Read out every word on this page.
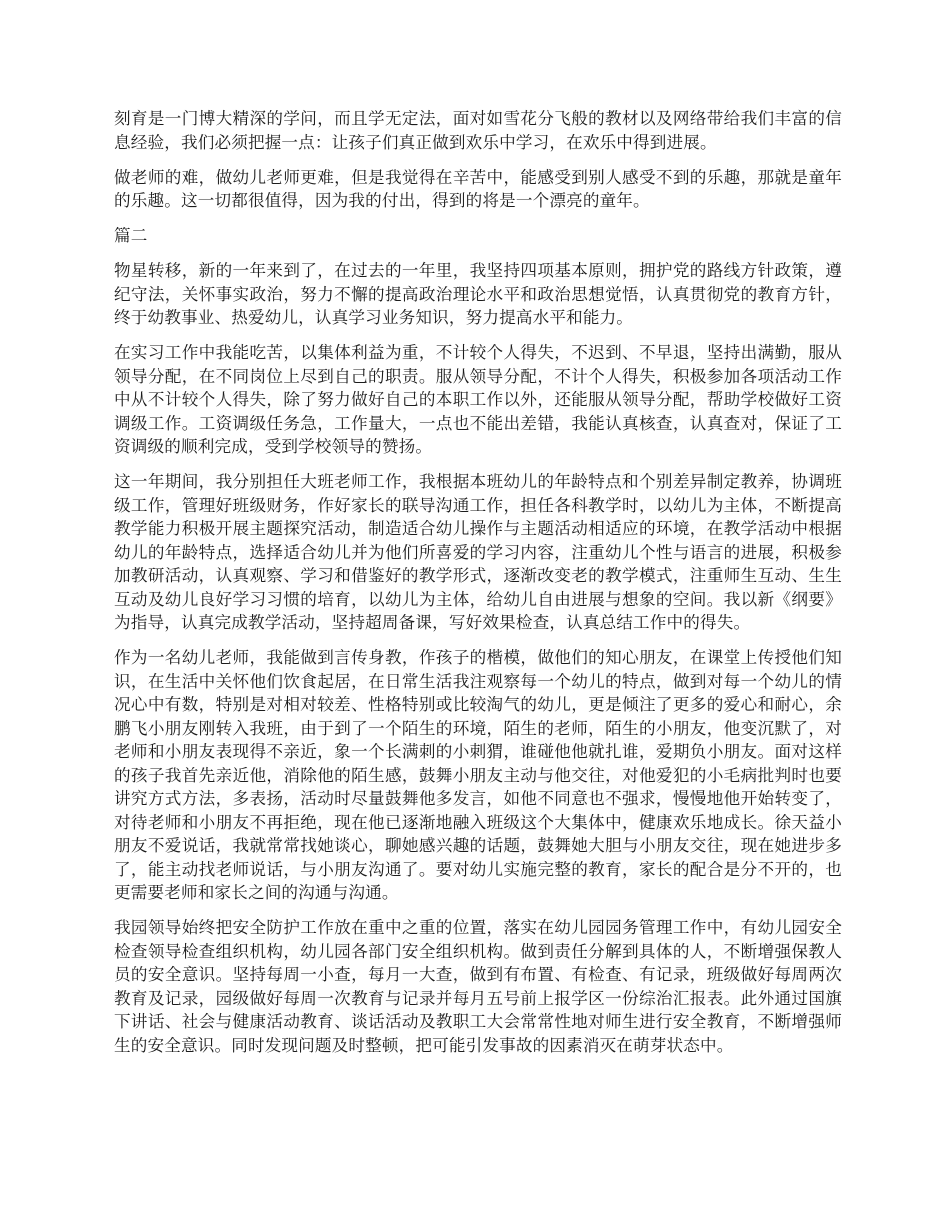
刻育是一门博大精深的学问，而且学无定法，面对如雪花分飞般的教材以及网络带给我们丰富的信息经验，我们必须把握一点：让孩子们真正做到欢乐中学习，在欢乐中得到进展。

做老师的难，做幼儿老师更难，但是我觉得在辛苦中，能感受到别人感受不到的乐趣，那就是童年的乐趣。这一切都很值得，因为我的付出，得到的将是一个漂亮的童年。

篇二

物星转移，新的一年来到了，在过去的一年里，我坚持四项基本原则，拥护党的路线方针政策，遵纪守法，关怀事实政治，努力不懈的提高政治理论水平和政治思想觉悟，认真贯彻党的教育方针，终于幼教事业、热爱幼儿，认真学习业务知识，努力提高水平和能力。

在实习工作中我能吃苦，以集体利益为重，不计较个人得失，不迟到、不早退，坚持出满勤，服从领导分配，在不同岗位上尽到自己的职责。服从领导分配，不计个人得失，积极参加各项活动工作中从不计较个人得失，除了努力做好自己的本职工作以外，还能服从领导分配，帮助学校做好工资调级工作。工资调级任务急，工作量大，一点也不能出差错，我能认真核查，认真查对，保证了工资调级的顺利完成，受到学校领导的赞扬。

这一年期间，我分别担任大班老师工作，我根据本班幼儿的年龄特点和个别差异制定教养，协调班级工作，管理好班级财务，作好家长的联导沟通工作，担任各科教学时，以幼儿为主体，不断提高教学能力积极开展主题探究活动，制造适合幼儿操作与主题活动相适应的环境，在教学活动中根据幼儿的年龄特点，选择适合幼儿并为他们所喜爱的学习内容，注重幼儿个性与语言的进展，积极参加教研活动，认真观察、学习和借鉴好的教学形式，逐渐改变老的教学模式，注重师生互动、生生互动及幼儿良好学习习惯的培育，以幼儿为主体，给幼儿自由进展与想象的空间。我以新《纲要》为指导，认真完成教学活动，坚持超周备课，写好效果检查，认真总结工作中的得失。

作为一名幼儿老师，我能做到言传身教，作孩子的楷模，做他们的知心朋友，在课堂上传授他们知识，在生活中关怀他们饮食起居，在日常生活我注观察每一个幼儿的特点，做到对每一个幼儿的情况心中有数，特别是对相对较差、性格特别或比较淘气的幼儿，更是倾注了更多的爱心和耐心，余鹏飞小朋友刚转入我班，由于到了一个陌生的环境，陌生的老师，陌生的小朋友，他变沉默了，对老师和小朋友表现得不亲近，象一个长满刺的小刺猬，谁碰他他就扎谁，爱期负小朋友。面对这样的孩子我首先亲近他，消除他的陌生感，鼓舞小朋友主动与他交往，对他爱犯的小毛病批判时也要讲究方式方法，多表扬，活动时尽量鼓舞他多发言，如他不同意也不强求，慢慢地他开始转变了，对待老师和小朋友不再拒绝，现在他已逐渐地融入班级这个大集体中，健康欢乐地成长。徐天益小朋友不爱说话，我就常常找她谈心，聊她感兴趣的话题，鼓舞她大胆与小朋友交往，现在她进步多了，能主动找老师说话，与小朋友沟通了。要对幼儿实施完整的教育，家长的配合是分不开的，也更需要老师和家长之间的沟通与沟通。

我园领导始终把安全防护工作放在重中之重的位置，落实在幼儿园园务管理工作中，有幼儿园安全检查领导检查组织机构，幼儿园各部门安全组织机构。做到责任分解到具体的人，不断增强保教人员的安全意识。坚持每周一小查，每月一大查，做到有布置、有检查、有记录，班级做好每周两次教育及记录，园级做好每周一次教育与记录并每月五号前上报学区一份综治汇报表。此外通过国旗下讲话、社会与健康活动教育、谈话活动及教职工大会常常性地对师生进行安全教育，不断增强师生的安全意识。同时发现问题及时整顿，把可能引发事故的因素消灭在萌芽状态中。
